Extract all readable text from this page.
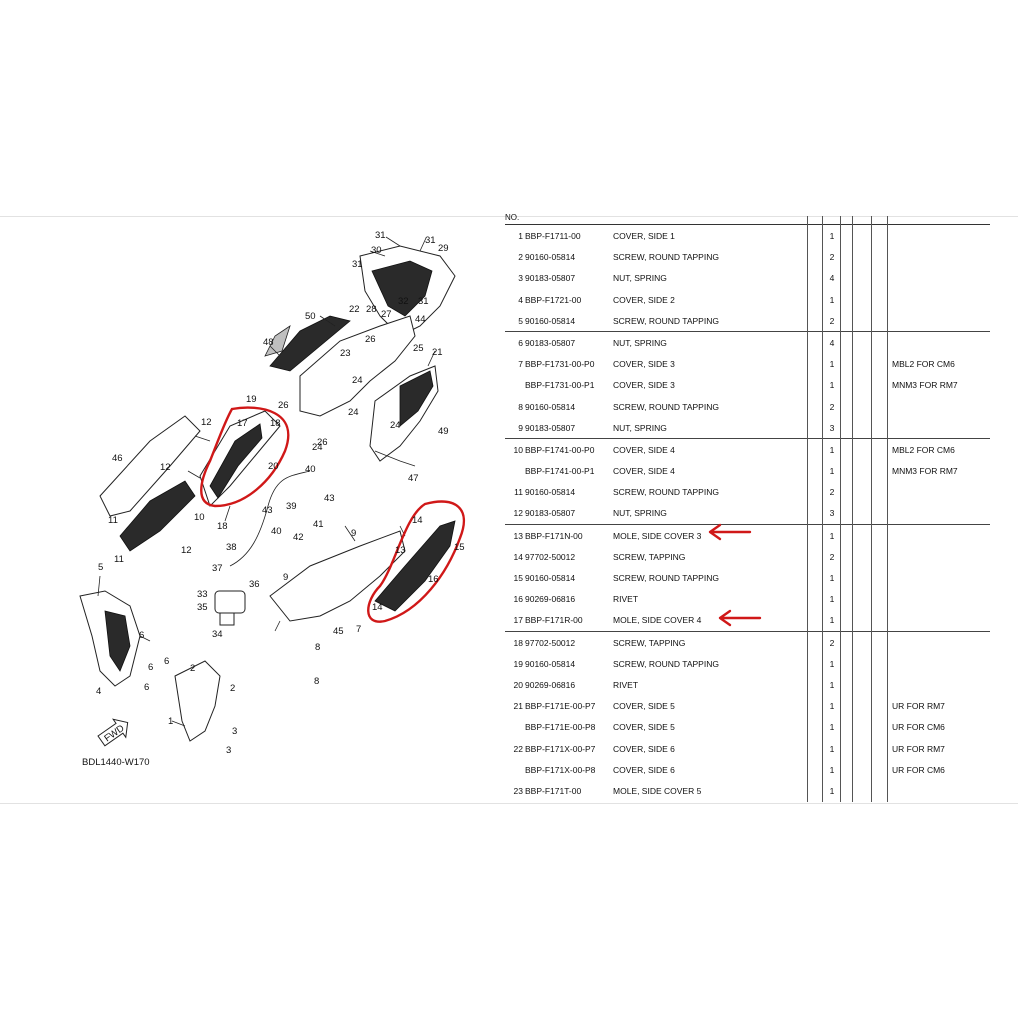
FWD
1
2
2
3
3
4
5
6
6
6
6
7
8
8
9
9
10
11
11
12
12
12	13
14
14
15
16
17
18
18
19
20
21
22
23
24
24
24
24
25
26
26
26
27
28
29
30
31
31
31
31
32
33
34
35
36
37
38
39
40
40
41
42
43
43
44
45
46
47
48
49
50
BDL1440-W170
NO.
1 BBP-F1711-00	COVER, SIDE 1	1
2 90160-05814	SCREW, ROUND TAPPING	2
3 90183-05807	NUT, SPRING	4
4 BBP-F1721-00	COVER, SIDE 2	1
5 90160-05814	SCREW, ROUND TAPPING	2
6 90183-05807	NUT, SPRING	4
7 BBP-F1731-00-P0 COVER, SIDE 3	1	MBL2 FOR CM6
BBP-F1731-00-P1 COVER, SIDE 3	1	MNM3 FOR RM7
8 90160-05814	SCREW, ROUND TAPPING	2
9 90183-05807	NUT, SPRING	3
10 BBP-F1741-00-P0 COVER, SIDE 4	1	MBL2 FOR CM6
BBP-F1741-00-P1 COVER, SIDE 4	1	MNM3 FOR RM7
11 90160-05814	SCREW, ROUND TAPPING	2
12 90183-05807	NUT, SPRING	3
13 BBP-F171N-00	MOLE, SIDE COVER 3	1
14 97702-50012	SCREW, TAPPING	2
15 90160-05814	SCREW, ROUND TAPPING	1
16 90269-06816	RIVET	1
17 BBP-F171R-00	MOLE, SIDE COVER 4	1
18 97702-50012	SCREW, TAPPING	2
19 90160-05814	SCREW, ROUND TAPPING	1
20 90269-06816	RIVET	1
21 BBP-F171E-00-P7 COVER, SIDE 5	1	UR FOR RM7
BBP-F171E-00-P8 COVER, SIDE 5	1	UR FOR CM6
22 BBP-F171X-00-P7 COVER, SIDE 6	1	UR FOR RM7
BBP-F171X-00-P8 COVER, SIDE 6	1	UR FOR CM6
23 BBP-F171T-00	MOLE, SIDE COVER 5	1
